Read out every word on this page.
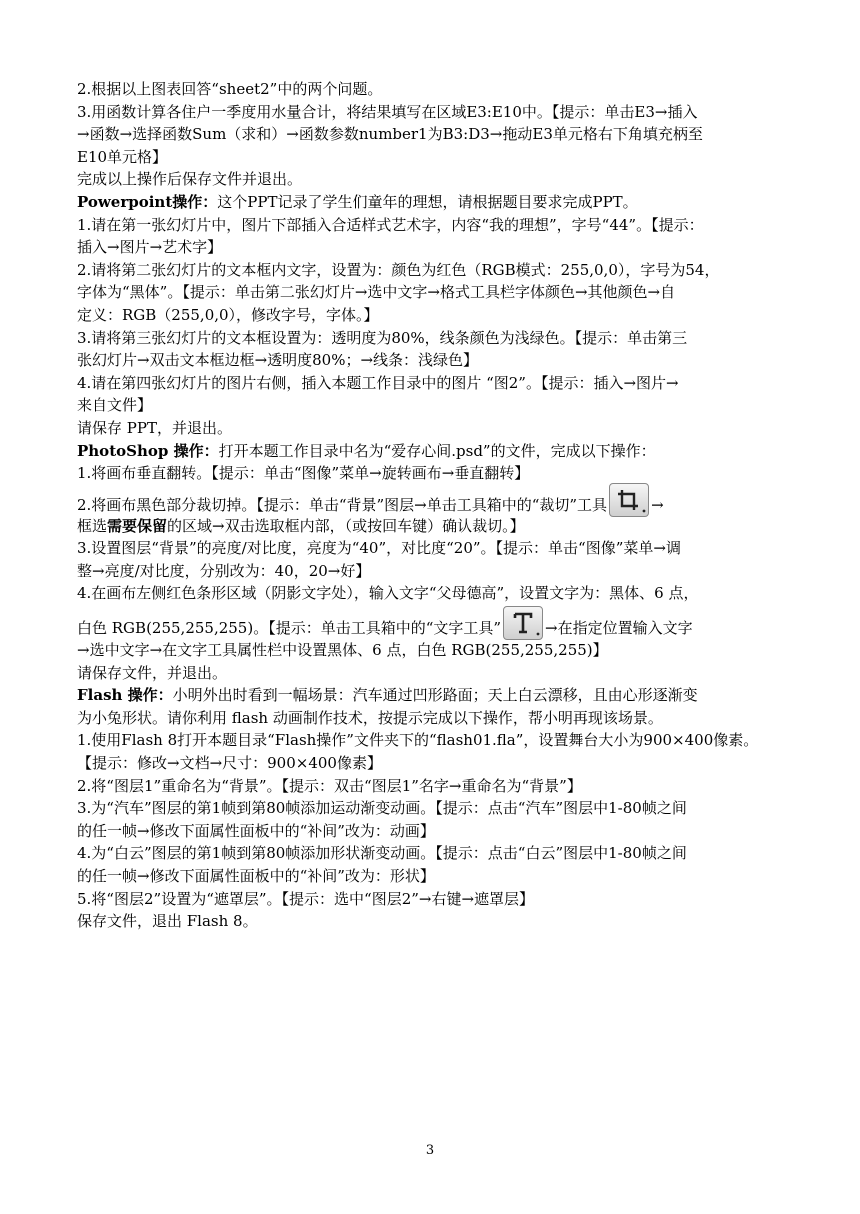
2.根据以上图表回答“sheet2”中的两个问题。
3.用函数计算各住户一季度用水量合计，将结果填写在区域E3:E10中。【提示：单击E3→插入
→函数→选择函数Sum（求和）→函数参数number1为B3:D3→拖动E3单元格右下角填充柄至
E10单元格】
完成以上操作后保存文件并退出。
Powerpoint操作：这个PPT记录了学生们童年的理想，请根据题目要求完成PPT。
1.请在第一张幻灯片中，图片下部插入合适样式艺术字，内容“我的理想”，字号“44”。【提示：
插入→图片→艺术字】
2.请将第二张幻灯片的文本框内文字，设置为：颜色为红色（RGB模式：255,0,0），字号为54，
字体为“黑体”。【提示：单击第二张幻灯片→选中文字→格式工具栏字体颜色→其他颜色→自
定义：RGB（255,0,0），修改字号，字体。】
3.请将第三张幻灯片的文本框设置为：透明度为80%，线条颜色为浅绿色。【提示：单击第三
张幻灯片→双击文本框边框→透明度80%；→线条：浅绿色】
4.请在第四张幻灯片的图片右侧，插入本题工作目录中的图片 “图2”。【提示：插入→图片→
来自文件】
请保存 PPT，并退出。
PhotoShop 操作：打开本题工作目录中名为“爱存心间.psd”的文件，完成以下操作：
1.将画布垂直翻转。【提示：单击“图像”菜单→旋转画布→垂直翻转】
2.将画布黑色部分裁切掉。【提示：单击“背景”图层→单击工具箱中的“裁切”工具	→
框选需要保留的区域→双击选取框内部，（或按回车键）确认裁切。】
3.设置图层“背景”的亮度/对比度，亮度为“40”，对比度“20”。【提示：单击“图像”菜单→调
整→亮度/对比度，分别改为：40，20→好】
4.在画布左侧红色条形区域（阴影文字处），输入文字“父母德高”，设置文字为：黑体、6 点，
白色 RGB(255,255,255)。【提示：单击工具箱中的“文字工具”	→在指定位置输入文字
→选中文字→在文字工具属性栏中设置黑体、6 点，白色 RGB(255,255,255)】
请保存文件，并退出。
Flash 操作：小明外出时看到一幅场景：汽车通过凹形路面；天上白云漂移，且由心形逐渐变
为小兔形状。请你利用 flash 动画制作技术，按提示完成以下操作，帮小明再现该场景。
1.使用Flash 8打开本题目录“Flash操作”文件夹下的“flash01.fla”，设置舞台大小为900×400像素。
【提示：修改→文档→尺寸：900×400像素】
2.将“图层1”重命名为“背景”。【提示：双击“图层1”名字→重命名为“背景”】
3.为“汽车”图层的第1帧到第80帧添加运动渐变动画。【提示：点击“汽车”图层中1-80帧之间
的任一帧→修改下面属性面板中的“补间”改为：动画】
4.为“白云”图层的第1帧到第80帧添加形状渐变动画。【提示：点击“白云”图层中1-80帧之间
的任一帧→修改下面属性面板中的“补间”改为：形状】
5.将“图层2”设置为“遮罩层”。【提示：选中“图层2”→右键→遮罩层】
保存文件，退出 Flash 8。
3
